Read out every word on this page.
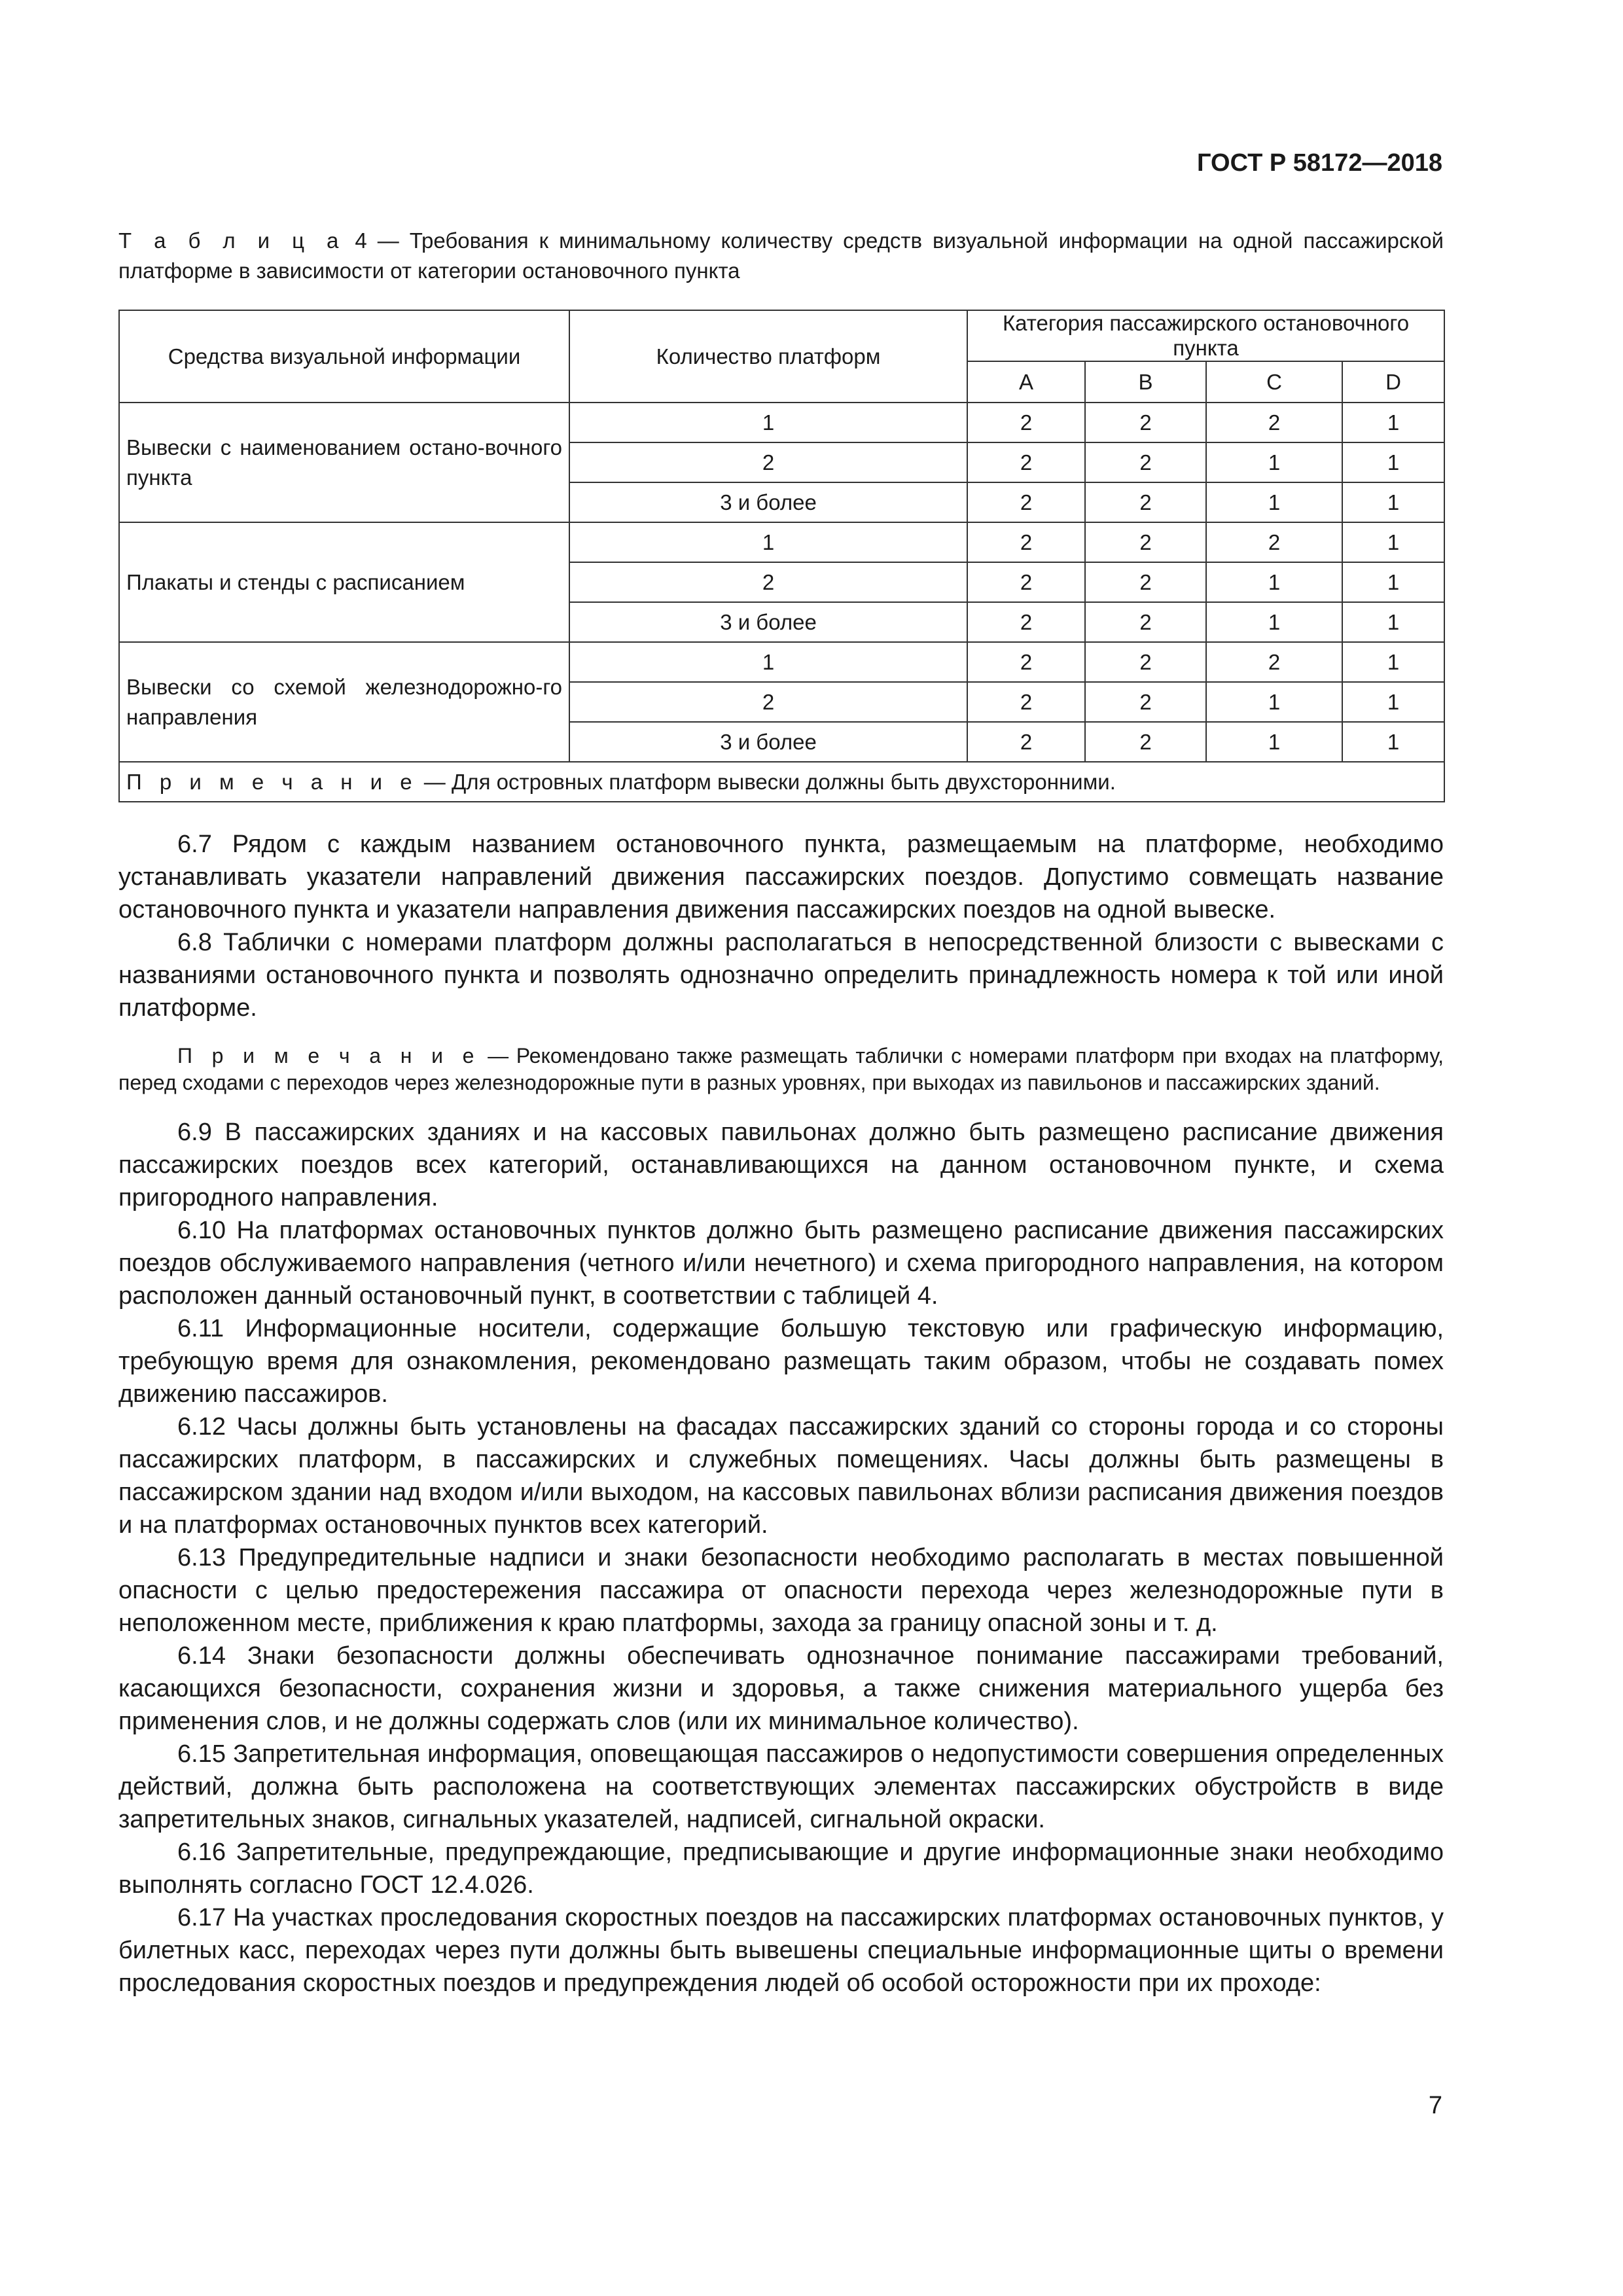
ГОСТ Р 58172—2018
Т а б л и ц а 4 — Требования к минимальному количеству средств визуальной информации на одной пассажирской платформе в зависимости от категории остановочного пункта
Средства визуальной информации	Количество платформ	Категория пассажирского остановочного пункта			
		A	B	C	D
Вывески с наименованием остано-вочного пункта	1	2	2	2	1
	2	2	2	1	1
	3 и более	2	2	1	1
Плакаты и стенды с расписанием	1	2	2	2	1
	2	2	2	1	1
	3 и более	2	2	1	1
Вывески со схемой железнодорожно-го направления	1	2	2	2	1
	2	2	2	1	1
	3 и более	2	2	1	1
П р и м е ч а н и е — Для островных платформ вывески должны быть двухсторонними.					

6.7 Рядом с каждым названием остановочного пункта, размещаемым на платформе, необходимо устанавливать указатели направлений движения пассажирских поездов. Допустимо совмещать название остановочного пункта и указатели направления движения пассажирских поездов на одной вывеске.

6.8 Таблички с номерами платформ должны располагаться в непосредственной близости с вывесками с названиями остановочного пункта и позволять однозначно определить принадлежность номера к той или иной платформе.

П р и м е ч а н и е — Рекомендовано также размещать таблички с номерами платформ при входах на платформу, перед сходами с переходов через железнодорожные пути в разных уровнях, при выходах из павильонов и пассажирских зданий.

6.9 В пассажирских зданиях и на кассовых павильонах должно быть размещено расписание движения пассажирских поездов всех категорий, останавливающихся на данном остановочном пункте, и схема пригородного направления.

6.10 На платформах остановочных пунктов должно быть размещено расписание движения пассажирских поездов обслуживаемого направления (четного и/или нечетного) и схема пригородного направления, на котором расположен данный остановочный пункт, в соответствии с таблицей 4.

6.11 Информационные носители, содержащие большую текстовую или графическую информацию, требующую время для ознакомления, рекомендовано размещать таким образом, чтобы не создавать помех движению пассажиров.

6.12 Часы должны быть установлены на фасадах пассажирских зданий со стороны города и со стороны пассажирских платформ, в пассажирских и служебных помещениях. Часы должны быть размещены в пассажирском здании над входом и/или выходом, на кассовых павильонах вблизи расписания движения поездов и на платформах остановочных пунктов всех категорий.

6.13 Предупредительные надписи и знаки безопасности необходимо располагать в местах повышенной опасности с целью предостережения пассажира от опасности перехода через железнодорожные пути в неположенном месте, приближения к краю платформы, захода за границу опасной зоны и т. д.

6.14 Знаки безопасности должны обеспечивать однозначное понимание пассажирами требований, касающихся безопасности, сохранения жизни и здоровья, а также снижения материального ущерба без применения слов, и не должны содержать слов (или их минимальное количество).

6.15 Запретительная информация, оповещающая пассажиров о недопустимости совершения определенных действий, должна быть расположена на соответствующих элементах пассажирских обустройств в виде запретительных знаков, сигнальных указателей, надписей, сигнальной окраски.

6.16 Запретительные, предупреждающие, предписывающие и другие информационные знаки необходимо выполнять согласно ГОСТ 12.4.026.

6.17 На участках проследования скоростных поездов на пассажирских платформах остановочных пунктов, у билетных касс, переходах через пути должны быть вывешены специальные информационные щиты о времени проследования скоростных поездов и предупреждения людей об особой осторожности при их проходе:

7
